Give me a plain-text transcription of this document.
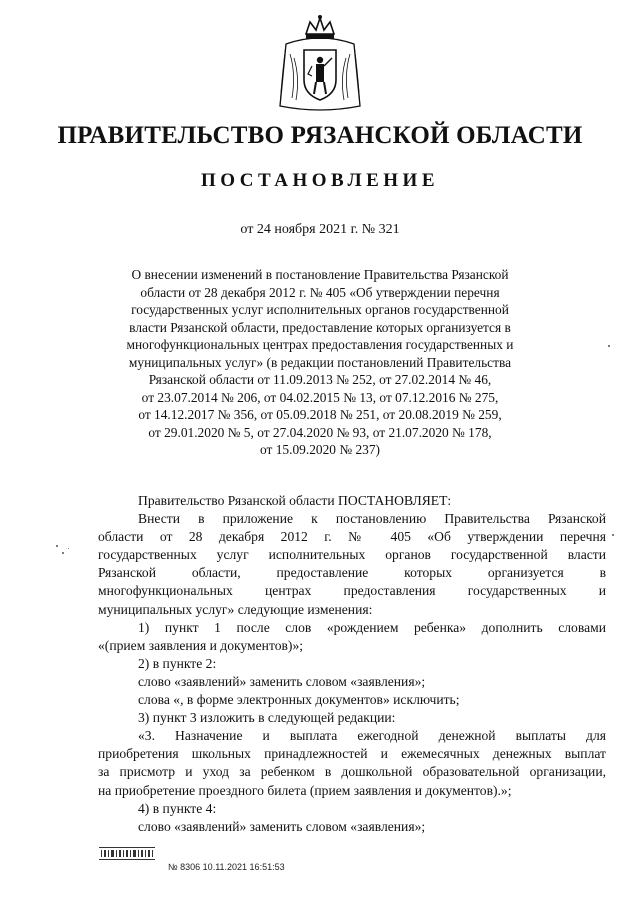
ПРАВИТЕЛЬСТВО РЯЗАНСКОЙ ОБЛАСТИ
ПОСТАНОВЛЕНИЕ
от 24 ноября 2021 г. № 321
О внесении изменений в постановление Правительства Рязанской
области от 28 декабря 2012 г. № 405 «Об утверждении перечня
государственных услуг исполнительных органов государственной
власти Рязанской области, предоставление которых организуется в
многофункциональных центрах предоставления государственных и
муниципальных услуг» (в редакции постановлений Правительства
Рязанской области от 11.09.2013 № 252, от 27.02.2014 № 46,
от 23.07.2014 № 206, от 04.02.2015 № 13, от 07.12.2016 № 275,
от 14.12.2017 № 356, от 05.09.2018 № 251, от 20.08.2019 № 259,
от 29.01.2020 № 5, от 27.04.2020 № 93, от 21.07.2020 № 178,
от 15.09.2020 № 237)
Правительство Рязанской области ПОСТАНОВЛЯЕТ:
Внести в приложение к постановлению Правительства Рязанской
области от 28 декабря 2012 г. № 405 «Об утверждении перечня
государственных услуг исполнительных органов государственной власти
Рязанской области, предоставление которых организуется в
многофункциональных центрах предоставления государственных и
муниципальных услуг» следующие изменения:
1) пункт 1 после слов «рождением ребенка» дополнить словами
«(прием заявления и документов)»;
2) в пункте 2:
слово «заявлений» заменить словом «заявления»;
слова «, в форме электронных документов» исключить;
3) пункт 3 изложить в следующей редакции:
«3. Назначение и выплата ежегодной денежной выплаты для
приобретения школьных принадлежностей и ежемесячных денежных выплат
за присмотр и уход за ребенком в дошкольной образовательной организации,
на приобретение проездного билета (прием заявления и документов).»;
4) в пункте 4:
слово «заявлений» заменить словом «заявления»;
№ 8306 10.11.2021 16:51:53
